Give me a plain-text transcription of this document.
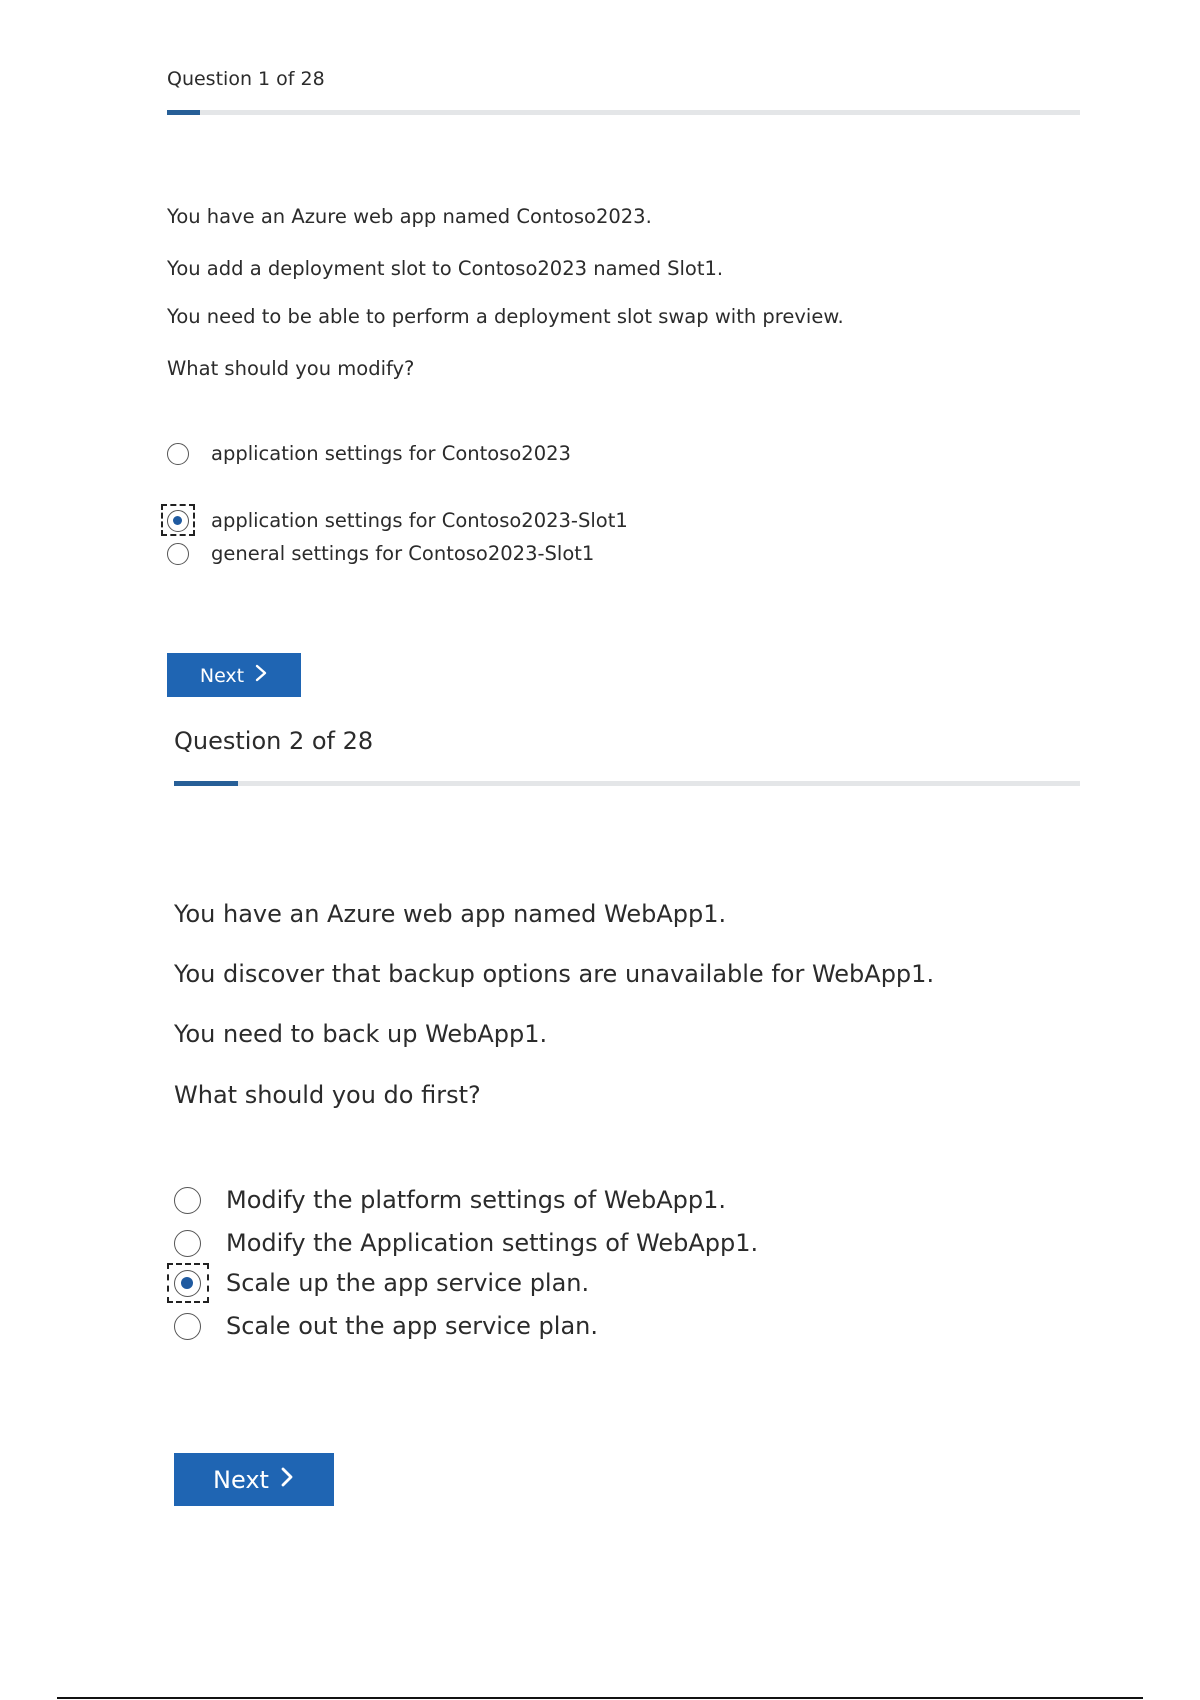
Question 1 of 28

You have an Azure web app named Contoso2023.

You add a deployment slot to Contoso2023 named Slot1.

You need to be able to perform a deployment slot swap with preview.

What should you modify?

application settings for Contoso2023
application settings for Contoso2023-Slot1
general settings for Contoso2023-Slot1
Next
Question 2 of 28

You have an Azure web app named WebApp1.

You discover that backup options are unavailable for WebApp1.

You need to back up WebApp1.

What should you do first?

Modify the platform settings of WebApp1.
Modify the Application settings of WebApp1.
Scale up the app service plan.
Scale out the app service plan.
Next
